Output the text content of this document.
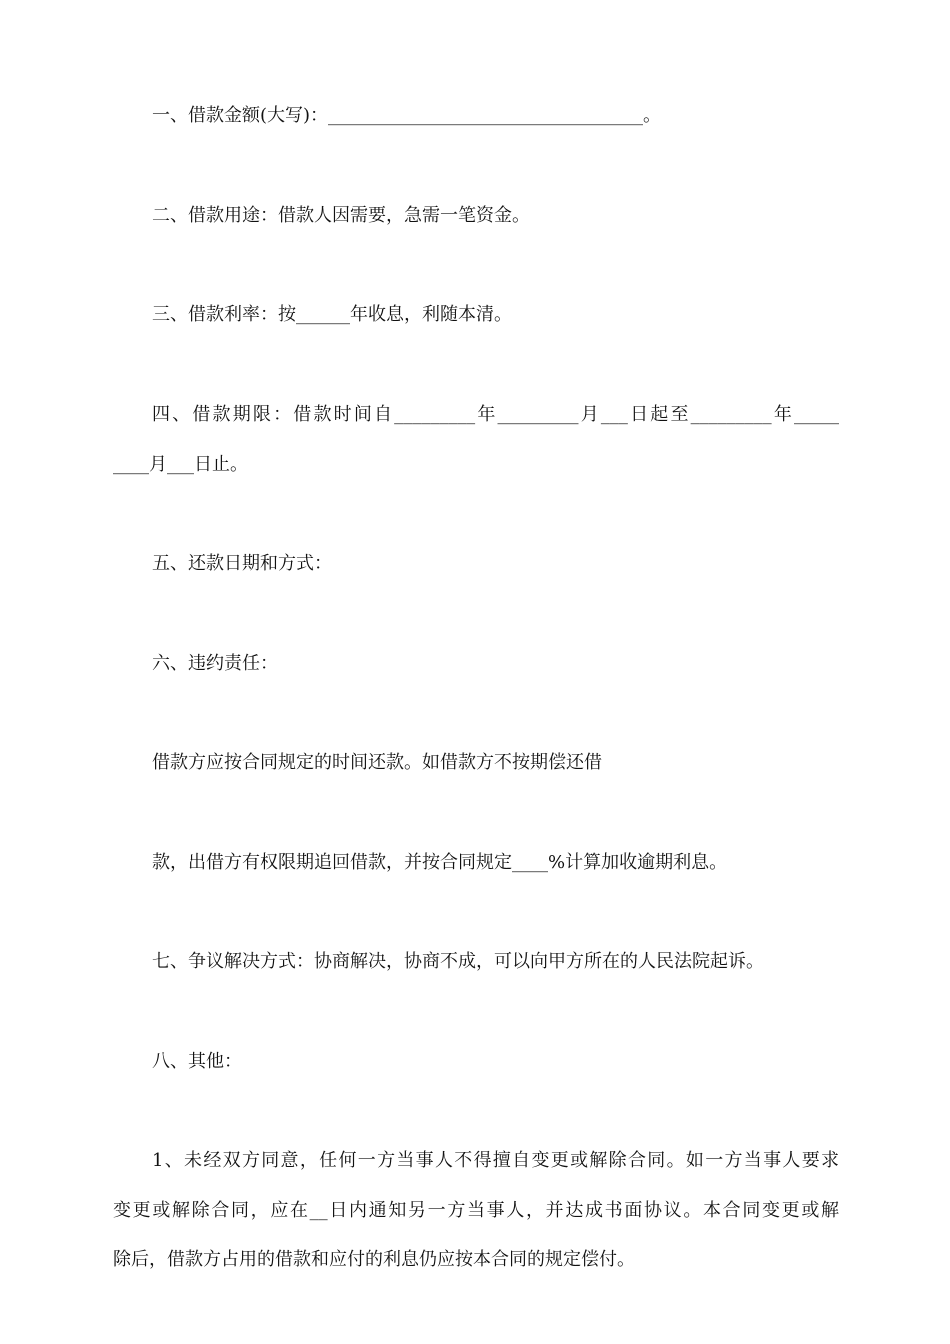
一、借款金额(大写)：___________________________________。
二、借款用途：借款人因需要，急需一笔资金。
三、借款利率：按______年收息，利随本清。
四、借款期限：借款时间自_________年_________月___日起至_________年_____
____月___日止。
五、还款日期和方式：
六、违约责任：
借款方应按合同规定的时间还款。如借款方不按期偿还借
款，出借方有权限期追回借款，并按合同规定____%计算加收逾期利息。
七、争议解决方式：协商解决，协商不成，可以向甲方所在的人民法院起诉。
八、其他：
1、未经双方同意，任何一方当事人不得擅自变更或解除合同。如一方当事人要求
变更或解除合同，应在__日内通知另一方当事人，并达成书面协议。本合同变更或解
除后，借款方占用的借款和应付的利息仍应按本合同的规定偿付。
